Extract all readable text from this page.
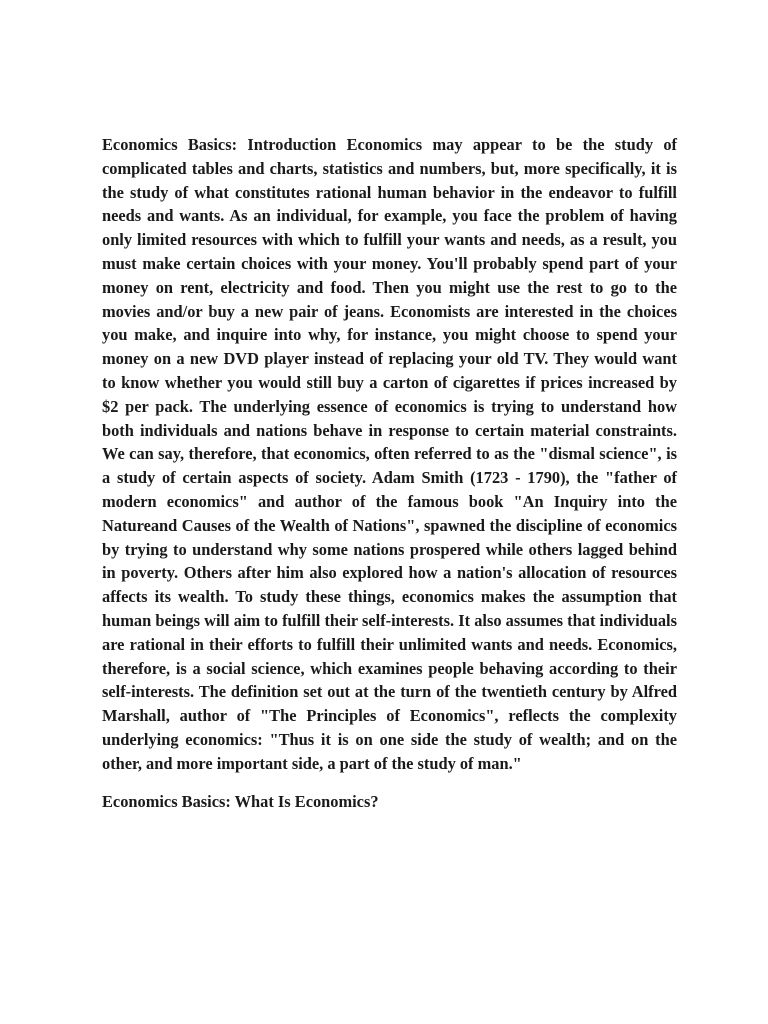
Economics Basics: Introduction Economics may appear to be the study of complicated tables and charts, statistics and numbers, but, more specifically, it is the study of what constitutes rational human behavior in the endeavor to fulfill needs and wants. As an individual, for example, you face the problem of having only limited resources with which to fulfill your wants and needs, as a result, you must make certain choices with your money. You'll probably spend part of your money on rent, electricity and food. Then you might use the rest to go to the movies and/or buy a new pair of jeans. Economists are interested in the choices you make, and inquire into why, for instance, you might choose to spend your money on a new DVD player instead of replacing your old TV. They would want to know whether you would still buy a carton of cigarettes if prices increased by $2 per pack. The underlying essence of economics is trying to understand how both individuals and nations behave in response to certain material constraints. We can say, therefore, that economics, often referred to as the "dismal science", is a study of certain aspects of society. Adam Smith (1723 - 1790), the "father of modern economics" and author of the famous book "An Inquiry into the Natureand Causes of the Wealth of Nations", spawned the discipline of economics by trying to understand why some nations prospered while others lagged behind in poverty. Others after him also explored how a nation's allocation of resources affects its wealth. To study these things, economics makes the assumption that human beings will aim to fulfill their self-interests. It also assumes that individuals are rational in their efforts to fulfill their unlimited wants and needs. Economics, therefore, is a social science, which examines people behaving according to their self-interests. The definition set out at the turn of the twentieth century by Alfred Marshall, author of "The Principles of Economics", reflects the complexity underlying economics: "Thus it is on one side the study of wealth; and on the other, and more important side, a part of the study of man."

Economics Basics: What Is Economics?
